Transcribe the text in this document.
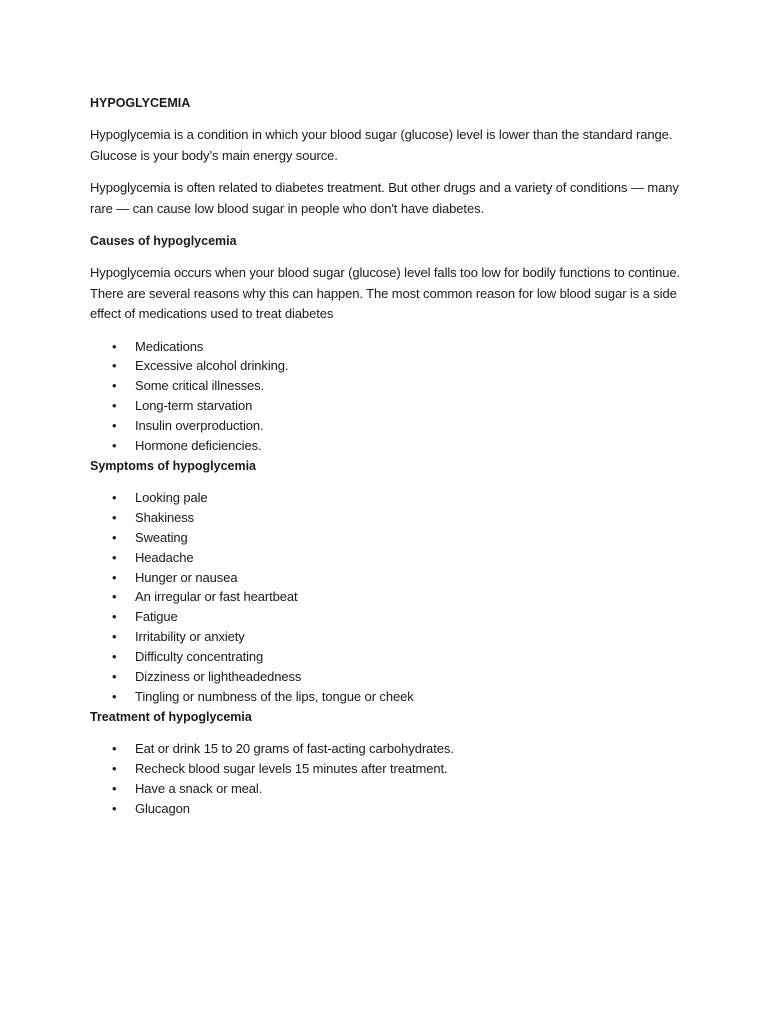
HYPOGLYCEMIA

Hypoglycemia is a condition in which your blood sugar (glucose) level is lower than the standard range. Glucose is your body’s main energy source.

Hypoglycemia is often related to diabetes treatment. But other drugs and a variety of conditions — many rare — can cause low blood sugar in people who don't have diabetes.

Causes of hypoglycemia

Hypoglycemia occurs when your blood sugar (glucose) level falls too low for bodily functions to continue. There are several reasons why this can happen. The most common reason for low blood sugar is a side effect of medications used to treat diabetes

• Medications
• Excessive alcohol drinking.
• Some critical illnesses.
• Long-term starvation
• Insulin overproduction.
• Hormone deficiencies.
Symptoms of hypoglycemia
• Looking pale
• Shakiness
• Sweating
• Headache
• Hunger or nausea
• An irregular or fast heartbeat
• Fatigue
• Irritability or anxiety
• Difficulty concentrating
• Dizziness or lightheadedness
• Tingling or numbness of the lips, tongue or cheek
Treatment of hypoglycemia
• Eat or drink 15 to 20 grams of fast-acting carbohydrates.
• Recheck blood sugar levels 15 minutes after treatment.
• Have a snack or meal.
• Glucagon
